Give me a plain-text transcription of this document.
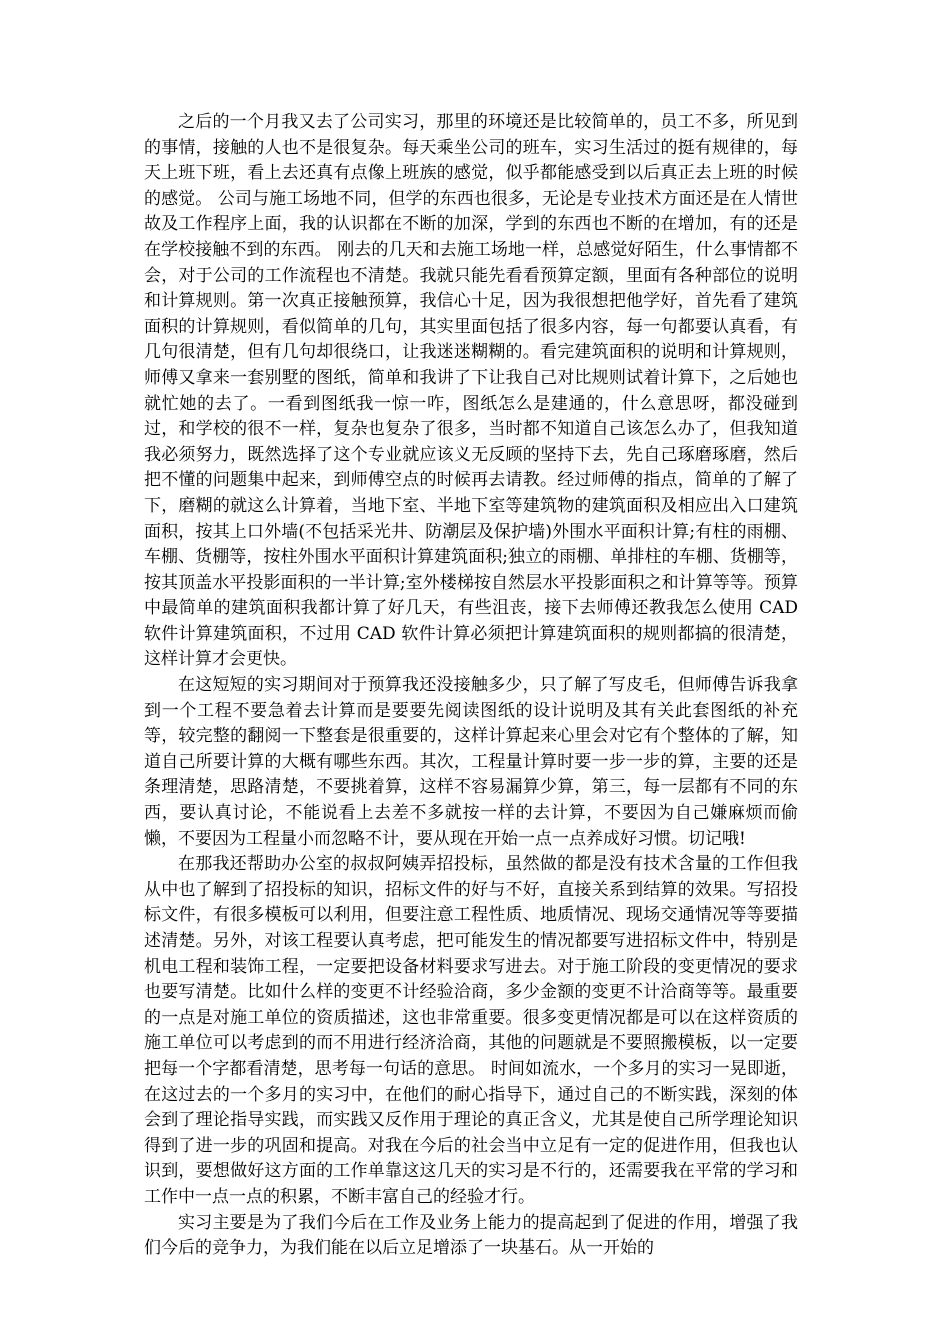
之后的一个月我又去了公司实习，那里的环境还是比较简单的，员工不多，所见到的事情，接触的人也不是很复杂。每天乘坐公司的班车，实习生活过的挺有规律的，每天上班下班，看上去还真有点像上班族的感觉，似乎都能感受到以后真正去上班的时候的感觉。 公司与施工场地不同，但学的东西也很多，无论是专业技术方面还是在人情世故及工作程序上面，我的认识都在不断的加深，学到的东西也不断的在增加，有的还是在学校接触不到的东西。 刚去的几天和去施工场地一样，总感觉好陌生，什么事情都不会，对于公司的工作流程也不清楚。我就只能先看看预算定额，里面有各种部位的说明和计算规则。第一次真正接触预算，我信心十足，因为我很想把他学好，首先看了建筑面积的计算规则，看似简单的几句，其实里面包括了很多内容，每一句都要认真看，有几句很清楚，但有几句却很绕口，让我迷迷糊糊的。看完建筑面积的说明和计算规则，师傅又拿来一套别墅的图纸，简单和我讲了下让我自己对比规则试着计算下，之后她也就忙她的去了。一看到图纸我一惊一咋，图纸怎么是建通的，什么意思呀，都没碰到过，和学校的很不一样，复杂也复杂了很多，当时都不知道自己该怎么办了，但我知道我必须努力，既然选择了这个专业就应该义无反顾的坚持下去，先自己琢磨琢磨，然后把不懂的问题集中起来，到师傅空点的时候再去请教。经过师傅的指点，简单的了解了下，磨糊的就这么计算着，当地下室、半地下室等建筑物的建筑面积及相应出入口建筑面积，按其上口外墙(不包括采光井、防潮层及保护墙)外围水平面积计算;有柱的雨棚、车棚、货棚等，按柱外围水平面积计算建筑面积;独立的雨棚、单排柱的车棚、货棚等，按其顶盖水平投影面积的一半计算;室外楼梯按自然层水平投影面积之和计算等等。预算中最简单的建筑面积我都计算了好几天，有些沮丧，接下去师傅还教我怎么使用 CAD 软件计算建筑面积，不过用 CAD 软件计算必须把计算建筑面积的规则都搞的很清楚，这样计算才会更快。

在这短短的实习期间对于预算我还没接触多少，只了解了写皮毛，但师傅告诉我拿到一个工程不要急着去计算而是要要先阅读图纸的设计说明及其有关此套图纸的补充等，较完整的翻阅一下整套是很重要的，这样计算起来心里会对它有个整体的了解，知道自己所要计算的大概有哪些东西。其次，工程量计算时要一步一步的算，主要的还是条理清楚，思路清楚，不要挑着算，这样不容易漏算少算，第三，每一层都有不同的东西，要认真讨论，不能说看上去差不多就按一样的去计算，不要因为自己嫌麻烦而偷懒，不要因为工程量小而忽略不计，要从现在开始一点一点养成好习惯。切记哦!

在那我还帮助办公室的叔叔阿姨弄招投标，虽然做的都是没有技术含量的工作但我从中也了解到了招投标的知识，招标文件的好与不好，直接关系到结算的效果。写招投标文件，有很多模板可以利用，但要注意工程性质、地质情况、现场交通情况等等要描述清楚。另外，对该工程要认真考虑，把可能发生的情况都要写进招标文件中，特别是机电工程和装饰工程，一定要把设备材料要求写进去。对于施工阶段的变更情况的要求也要写清楚。比如什么样的变更不计经验洽商，多少金额的变更不计洽商等等。最重要的一点是对施工单位的资质描述，这也非常重要。很多变更情况都是可以在这样资质的施工单位可以考虑到的而不用进行经济洽商，其他的问题就是不要照搬模板，以一定要把每一个字都看清楚，思考每一句话的意思。 时间如流水，一个多月的实习一晃即逝，在这过去的一个多月的实习中，在他们的耐心指导下，通过自己的不断实践，深刻的体会到了理论指导实践，而实践又反作用于理论的真正含义，尤其是使自己所学理论知识得到了进一步的巩固和提高。对我在今后的社会当中立足有一定的促进作用，但我也认识到，要想做好这方面的工作单靠这这几天的实习是不行的，还需要我在平常的学习和工作中一点一点的积累，不断丰富自己的经验才行。

实习主要是为了我们今后在工作及业务上能力的提高起到了促进的作用，增强了我们今后的竞争力，为我们能在以后立足增添了一块基石。从一开始的
